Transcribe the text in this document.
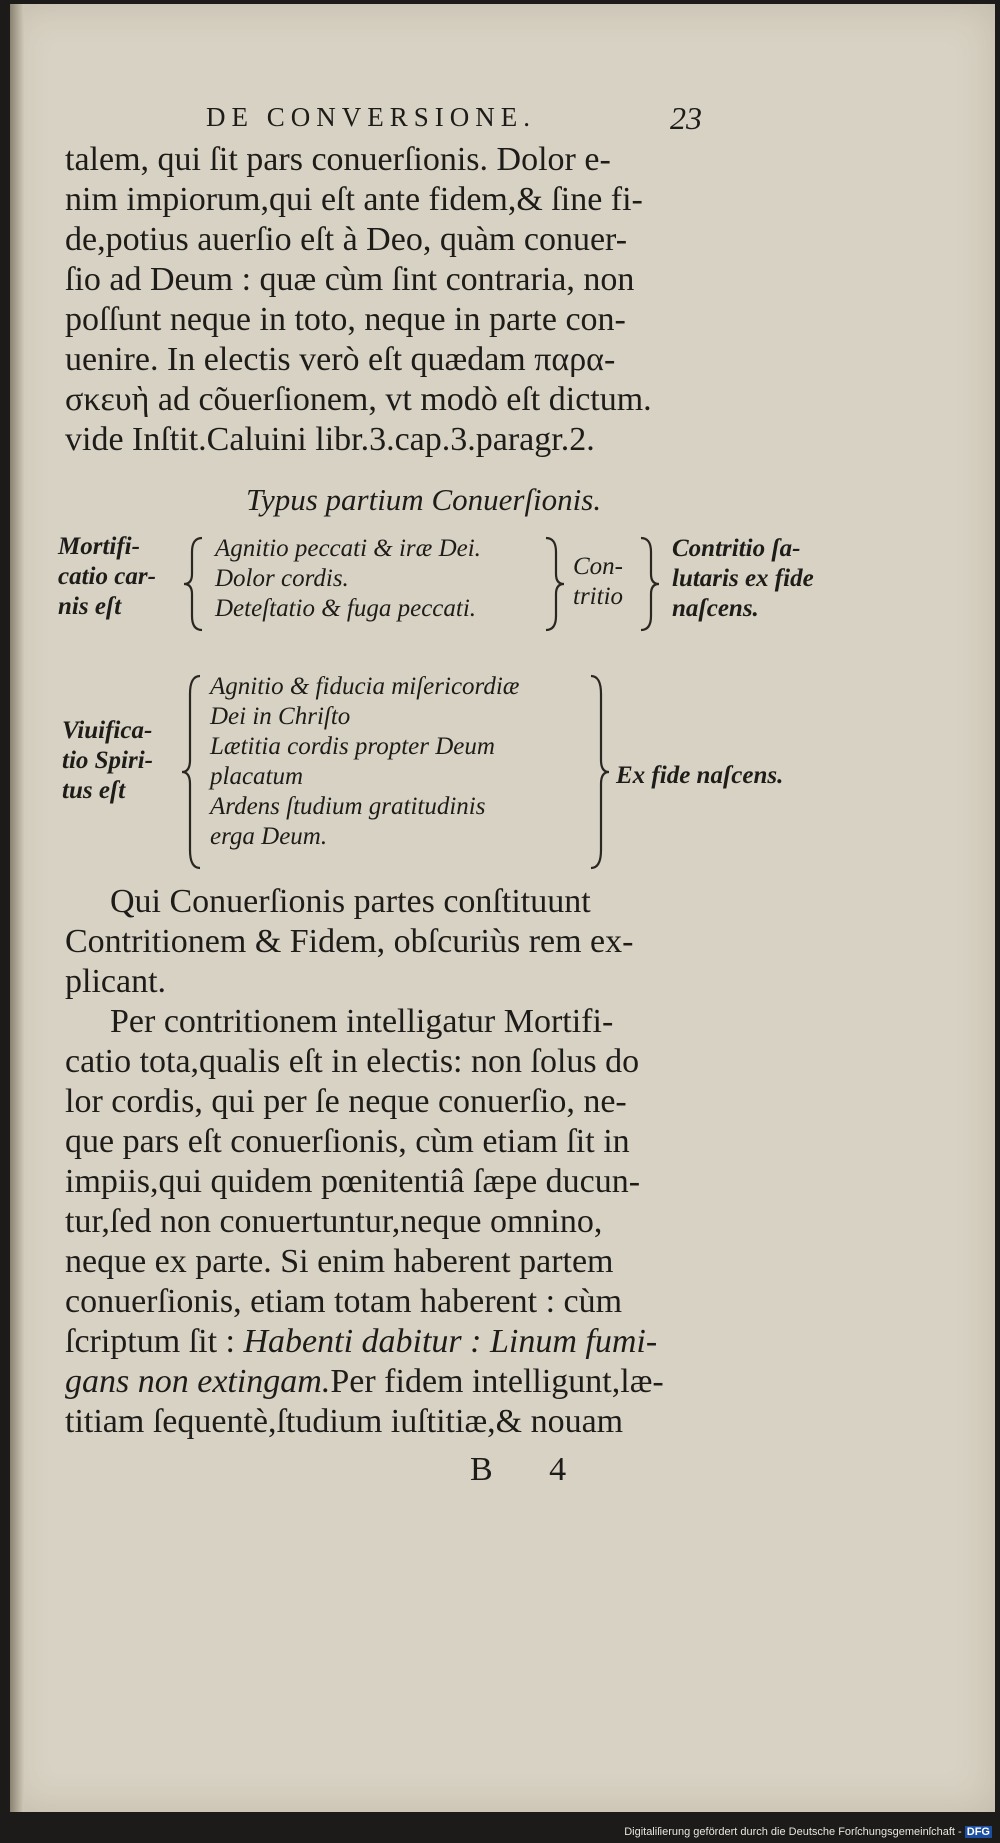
DE CONVERSIONE.	23

talem, qui ſit pars conuerſionis. Dolor e-
nim impiorum,qui eſt ante fidem,& ſine fi-
de,potius auerſio eſt à Deo, quàm conuer-
ſio ad Deum : quæ cùm ſint contraria, non
poſſunt neque in toto, neque in parte con-
uenire. In electis verò eſt quædam παρα-
σκευὴ ad cõuerſionem, vt modò eſt dictum.
vide Inſtit.Caluini libr.3.cap.3.paragr.2.

Typus partium Conuerſionis.
Mortifi-
catio car-
nis eſt
Agnitio peccati & iræ Dei.
Dolor cordis.
Deteſtatio & fuga peccati.
Con-
tritio
Contritio ſa-
lutaris ex fide
naſcens.
Viuifica-
tio Spiri-
tus eſt
Agnitio & fiducia miſericordiæ
Dei in Chriſto
Lætitia cordis propter Deum
placatum
Ardens ſtudium gratitudinis
erga Deum.
Ex fide naſcens.

Qui Conuerſionis partes conſtituunt
Contritionem & Fidem, obſcuriùs rem ex-
plicant.

Per contritionem intelligatur Mortifi-
catio tota,qualis eſt in electis: non ſolus do
lor cordis, qui per ſe neque conuerſio, ne-
que pars eſt conuerſionis, cùm etiam ſit in
impiis,qui quidem pœnitentiâ ſæpe ducun-
tur,ſed non conuertuntur,neque omnino,
neque ex parte. Si enim haberent partem
conuerſionis, etiam totam haberent : cùm
ſcriptum ſit : Habenti dabitur : Linum fumi-
gans non extingam.Per fidem intelligunt,læ-
titiam ſequentè,ſtudium iuſtitiæ,& nouam

B 4
Digitaliſierung gefördert durch die Deutsche Forſchungsgemeinſchaft - DFG
